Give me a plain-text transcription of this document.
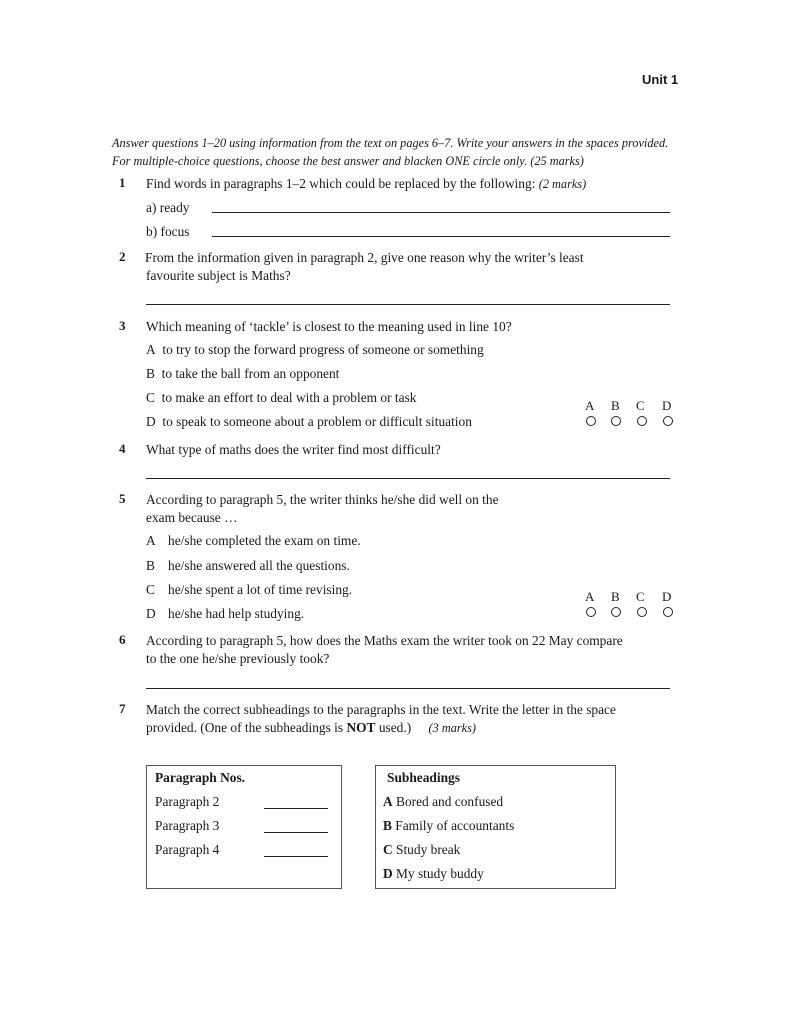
Unit 1
Answer questions 1–20 using information from the text on pages 6–7. Write your answers in the spaces provided. For multiple-choice questions, choose the best answer and blacken ONE circle only. (25 marks)
1 Find words in paragraphs 1–2 which could be replaced by the following: (2 marks)
a) ready
b) focus
2 From the information given in paragraph 2, give one reason why the writer’s least
favourite subject is Maths?
3 Which meaning of ‘tackle’ is closest to the meaning used in line 10?
A to try to stop the forward progress of someone or something
B to take the ball from an opponent
C to make an effort to deal with a problem or task
D to speak to someone about a problem or difficult situation
A B C D
4 What type of maths does the writer find most difficult?
5 According to paragraph 5, the writer thinks he/she did well on the
exam because …
A he/she completed the exam on time.
B he/she answered all the questions.
C he/she spent a lot of time revising.
D he/she had help studying.
A B C D
6 According to paragraph 5, how does the Maths exam the writer took on 22 May compare
to the one he/she previously took?
7 Match the correct subheadings to the paragraphs in the text. Write the letter in the space
provided. (One of the subheadings is NOT used.) (3 marks)
Paragraph Nos.
Paragraph 2
Paragraph 3
Paragraph 4
Subheadings
A Bored and confused
B Family of accountants
C Study break
D My study buddy
